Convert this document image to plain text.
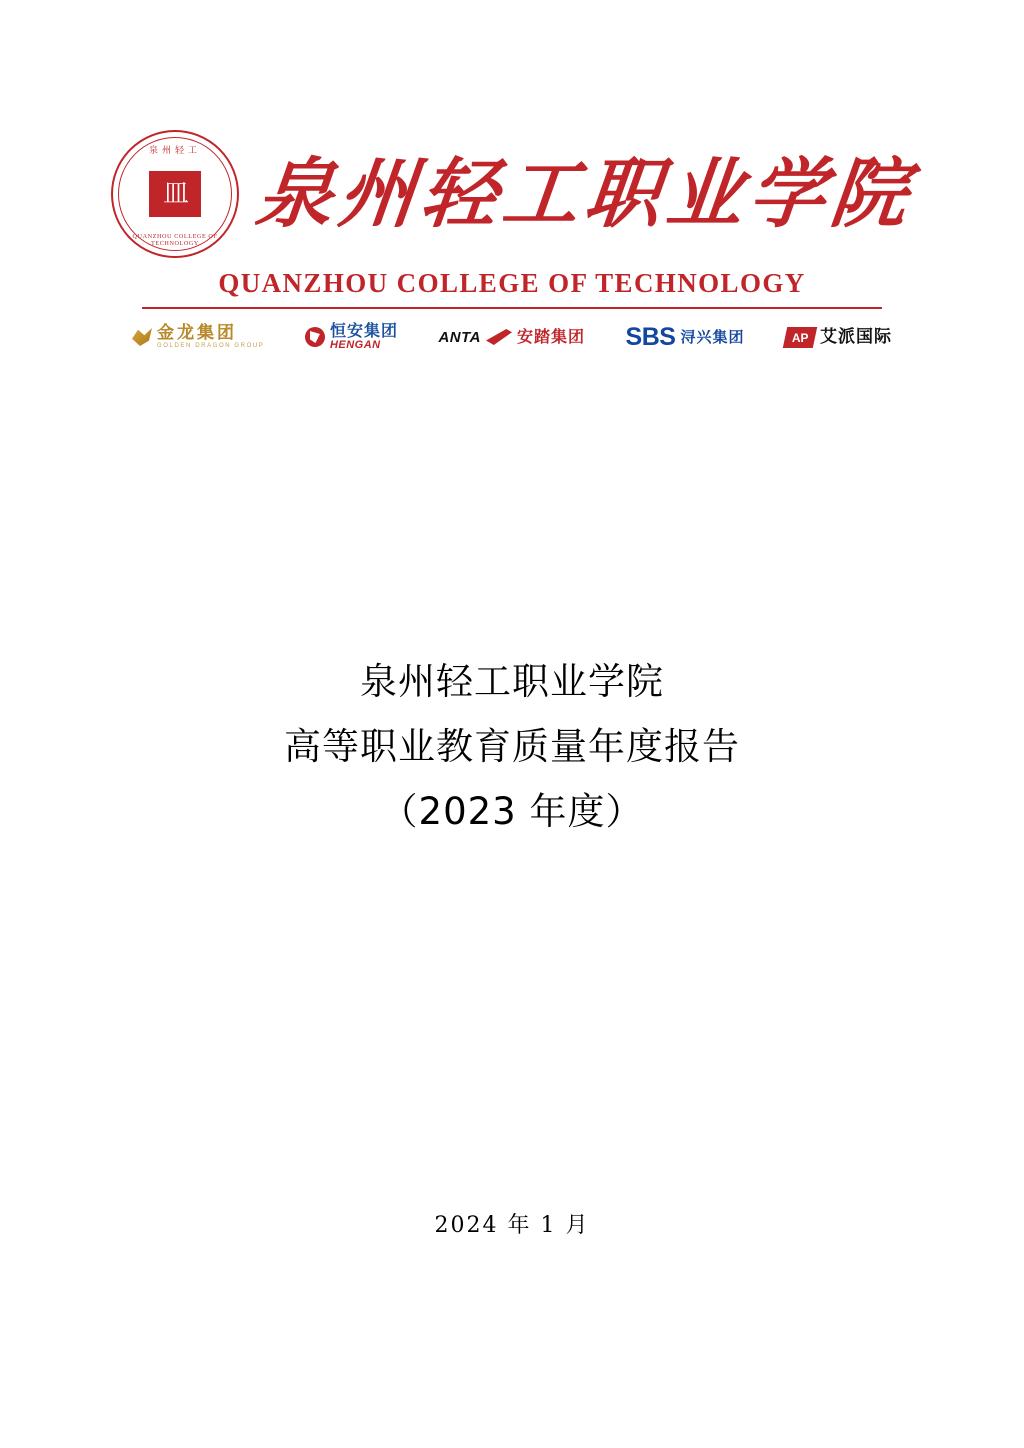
泉州轻工
皿
QUANZHOU COLLEGE OF TECHNOLOGY
泉州轻工职业学院
QUANZHOU COLLEGE OF TECHNOLOGY
金龙集团
GOLDEN DRAGON GROUP
恒安集团
HENGAN	ANTA 安踏集团 SBS 浔兴集团	AP 艾派国际
泉州轻工职业学院
高等职业教育质量年度报告
（2023 年度）
2024 年 1 月
